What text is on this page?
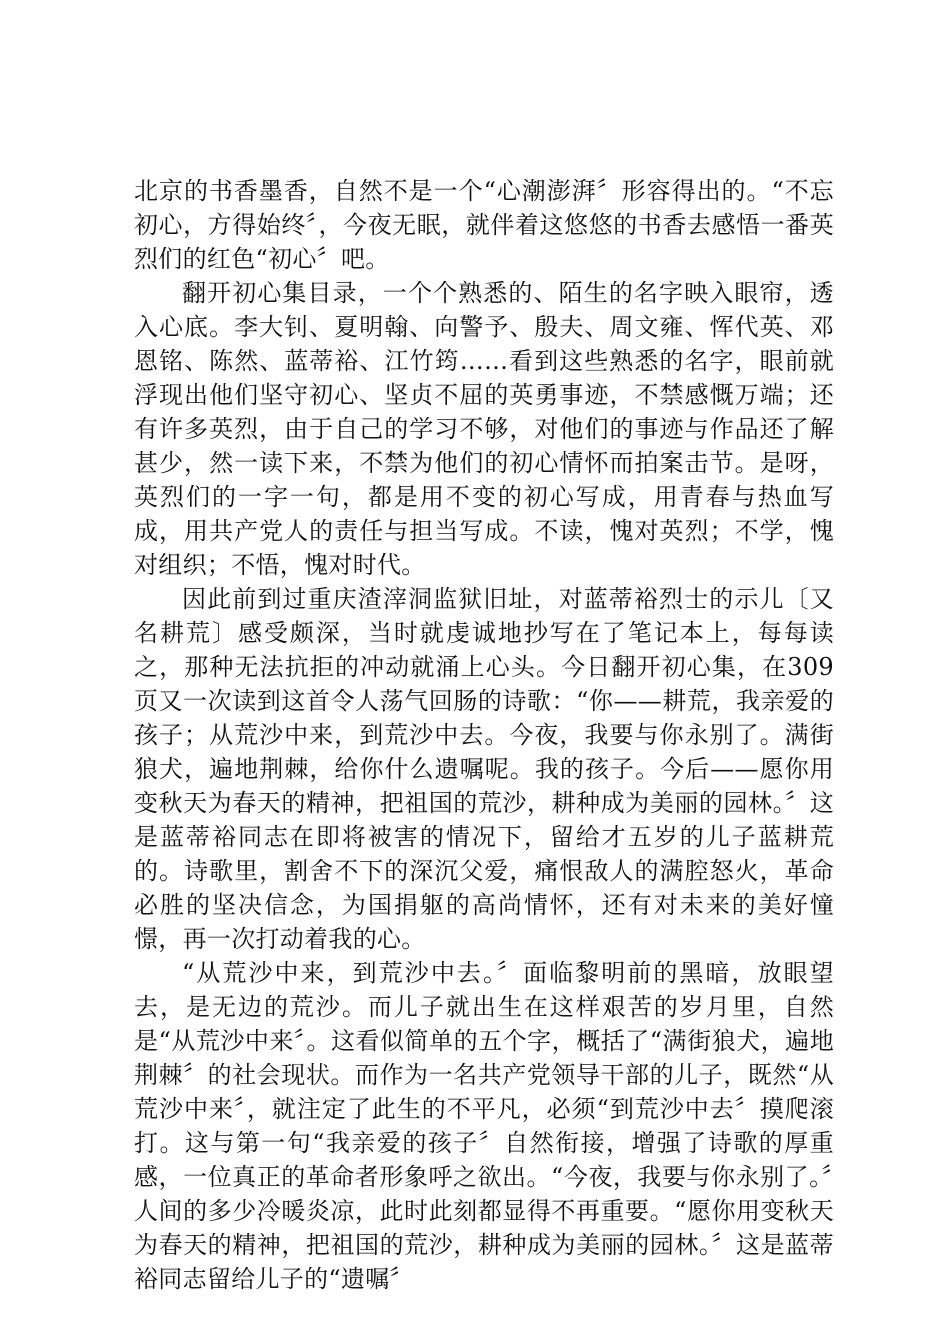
北京的书香墨香，自然不是一个“心潮澎湃〞形容得出的。“不忘初心，方得始终〞，今夜无眠，就伴着这悠悠的书香去感悟一番英烈们的红色“初心〞吧。

翻开初心集目录，一个个熟悉的、陌生的名字映入眼帘，透入心底。李大钊、夏明翰、向警予、殷夫、周文雍、恽代英、邓恩铭、陈然、蓝蒂裕、江竹筠……看到这些熟悉的名字，眼前就浮现出他们坚守初心、坚贞不屈的英勇事迹，不禁感慨万端；还有许多英烈，由于自己的学习不够，对他们的事迹与作品还了解甚少，然一读下来，不禁为他们的初心情怀而拍案击节。是呀，英烈们的一字一句，都是用不变的初心写成，用青春与热血写成，用共产党人的责任与担当写成。不读，愧对英烈；不学，愧对组织；不悟，愧对时代。

因此前到过重庆渣滓洞监狱旧址，对蓝蒂裕烈士的示儿〔又名耕荒〕感受颇深，当时就虔诚地抄写在了笔记本上，每每读之，那种无法抗拒的冲动就涌上心头。今日翻开初心集，在309页又一次读到这首令人荡气回肠的诗歌：“你——耕荒，我亲爱的孩子；从荒沙中来，到荒沙中去。今夜，我要与你永别了。满街狼犬，遍地荆棘，给你什么遗嘱呢。我的孩子。今后——愿你用变秋天为春天的精神，把祖国的荒沙，耕种成为美丽的园林。〞这是蓝蒂裕同志在即将被害的情况下，留给才五岁的儿子蓝耕荒的。诗歌里，割舍不下的深沉父爱，痛恨敌人的满腔怒火，革命必胜的坚决信念，为国捐躯的高尚情怀，还有对未来的美好憧憬，再一次打动着我的心。

“从荒沙中来，到荒沙中去。〞面临黎明前的黑暗，放眼望去，是无边的荒沙。而儿子就出生在这样艰苦的岁月里，自然是“从荒沙中来〞。这看似简单的五个字，概括了“满街狼犬，遍地荆棘〞的社会现状。而作为一名共产党领导干部的儿子，既然“从荒沙中来〞，就注定了此生的不平凡，必须“到荒沙中去〞摸爬滚打。这与第一句“我亲爱的孩子〞自然衔接，增强了诗歌的厚重感，一位真正的革命者形象呼之欲出。“今夜，我要与你永别了。〞人间的多少冷暖炎凉，此时此刻都显得不再重要。“愿你用变秋天为春天的精神，把祖国的荒沙，耕种成为美丽的园林。〞这是蓝蒂裕同志留给儿子的“遗嘱〞
